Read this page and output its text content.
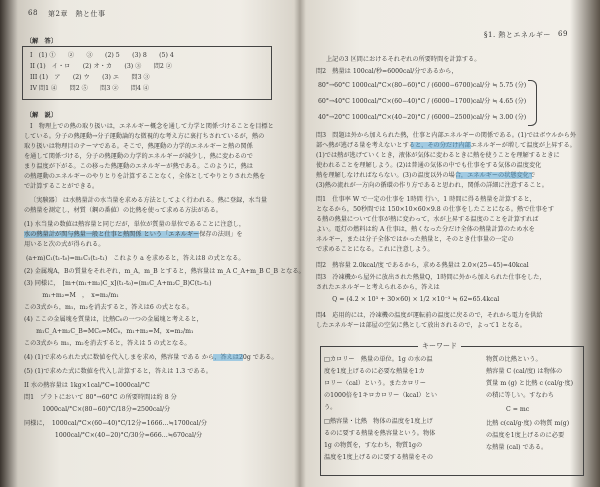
68 第2章　熱と仕事
〔解　答〕
I　(1) ①　　②　　③　　(2) 5　　(3) 8　　(5) 4
II (1)　イ・ロ　　(2) オ・カ　　(3) ③　　問2 ②
III (1)　ア　　(2) ウ　　(3) エ　　問3 ③
IV 問1 ④　　問2 ⑤　　問3 ②　　問4 ④
〔解　説〕
I　物理上での熱の取り扱いは，エネルギー概念を通して力学と関係づけることを目標と
している。分子の熱運動→分子運動論的な微視的な考え方に裏打ちされているが，熱の
取り扱いは物理目のテーマである。そこで，熱運動の力学的エネルギーと熱の関係
を通して関係づける，分子の熱運動の力学的エネルギーが減少し，熱に変わるので
まり温度が下がる。この移った熱運動のエネルギーが熱である。このように，熱は
の熱運動のエネルギーのやりとりを計算することなく，全体としてやりとりされた熱を
で計算することができる。
〔実験器〕 は水熱量計の水当量を求める方法としてよく行われる。熱に登録，水当量
の熱量を測定し，材質（鋼の番値）の比熱を使って求める方法がある。
(1) 水当量の数値は熱容量と同じだが，単位が質量の単位であることに注意し，
水の熱量計が関与熱量一般と仕事と熱関係 という「エネルギー保存の法則」を
用いると次の式が得られる。
(a+m)C₁(t₁-t₀)=m₁C₁(t₂-t₁)　これより a を求めると，答えは8 の式となる。
(2) 金属塊A，Bの質量をそれぞれ，m_A，m_B とすると，熱容量は m_A C_A+m_B C_B となる。
(3) 同様に，　[m+(m₁+m₂)C_x](t₁-t₀)=(m₁C_A+m₂C_B)C(t₂-t₁)
　　m₁+m₂=M　，　x=m₂/m₁
この3式から，m₁，m₂を消去すると，答えは6 の式となる。
(4) ここの金属塊を質量は，比熱C₀の一つの金属塊と考えると，
　m₁C_A+m₂C_B=MC₀=MC₀，m₁+m₂=M，x=m₂/m₁
この3式から m₁，m₂を消去すると，答えは 5 の式となる。
(4) (1)で求められた式に数値を代入しまを求め，熱容量 である から，答えは20g である。
(5) (1)で求めた式に数値を代入し計算すると，答えは 1.3 である。
II 水の熱容量は 1kg×1cal/°C=1000cal/°C
問1　プラトにおいて 80°→60°C の所要時間は約 8 分
　1000cal/°C×(80−60)°C/18分=2500cal/分
同様に，　1000cal/°C×(60−40)°C/12分=1666…≒1700cal/分
　　　　　1000cal/°C×(40−20)°C/30分=666…≒670cal/分
§1. 熱とエネルギー 69
上記の3 区間におけるそれぞれの所要時間を計算する。
問2　熱量は 100cal/秒=6000cal/分であるから，
80°→60°C 1000cal/°C×(80−60)°C / (6000−6700)cal/分 ≒ 5.75 (分)
60°→40°C 1000cal/°C×(60−40)°C / (6000−1700)cal/分 ≒ 4.65 (分)
40°→20°C 1000cal/°C×(40−20)°C / (6000−2500)cal/分 ≒ 3.00 (分)
問3　問題は外から加えられた熱，仕事と内部エネルギーの関係である。(1)ではボウルから外
部へ熱が逃げる量を考えないとすると，その分だけ内部エネルギーが増して温度が上昇する。
(1)では熱が逃げていくとき，液体が気体に変わるときに熱を使うことを理解するときに
使われることを理解しよう。(2)は普通の気体の中でも仕事をする気体の温度変化
熱を理解しなければならない。(3)の温度以外の場合，エネルギーの状態変化で
(3)熱の流れが一方向の循環の作り方であると思われ，関係の詳細に注意すること。
問1　仕事率 W で一定の仕事を 1時間 行い，1 時間に得る熱量を計算すると，
となるから，50秒間では 150×10×60×9.8 の仕事をしたことになる。熱で仕事をす
る熱の熱量について仕事が熱に変わって，水が上昇する温度のことを計算すれば
よい。電灯の燃料は約 A 仕事は，熱くなった分だけ全体の熱量計算のため水を
ネルギー，または分子全体ではかった熱量と，そのとき仕事量の一定の
で求めることになる。これに注意しよう。
問2　熱容量 2.0kcal/度 であるから，求める熱量は 2.0×(25−45)=40kcal
問3　冷凍機から屋外に放出された熱量Q，1時間に外から加えられた仕事をした，
されたエネルギーと考えられるから，答えは
　Q = (4.2 × 10³ + 30×60) × 1/2 ×10⁻³ ≒ 62=65.4kcal
問4　応用的には，冷凍機の温度が運転前の温度に戻るので，それから電力を供給
したエネルギーは部屋の空気に熱として放出されるので，よって1 となる。
キーワード
□カロリー　熱量の単位。1g の水の温
度を1度上げるのに必要な熱量を1カ
ロリー（cal）という。またカロリー
の1000倍を1キロカロリー（kcal）とい
う。
□熱容量・比熱　物体の温度を1度上げ
るのに要する熱量を熱容量という。物体
1g の物質を，すなわち，物質1gの
温度を1度上げるのに要する熱量をその
物質の比熱という。
熱容量 C (cal/度) は物体の
質量 m (g) と比熱 c (cal/g·度)
の積に等しい。すなわち
C = mc
比熱 c(cal/g·度) の物質 m(g)
の温度を1度上げるのに必要
な熱量 (cal) である。
